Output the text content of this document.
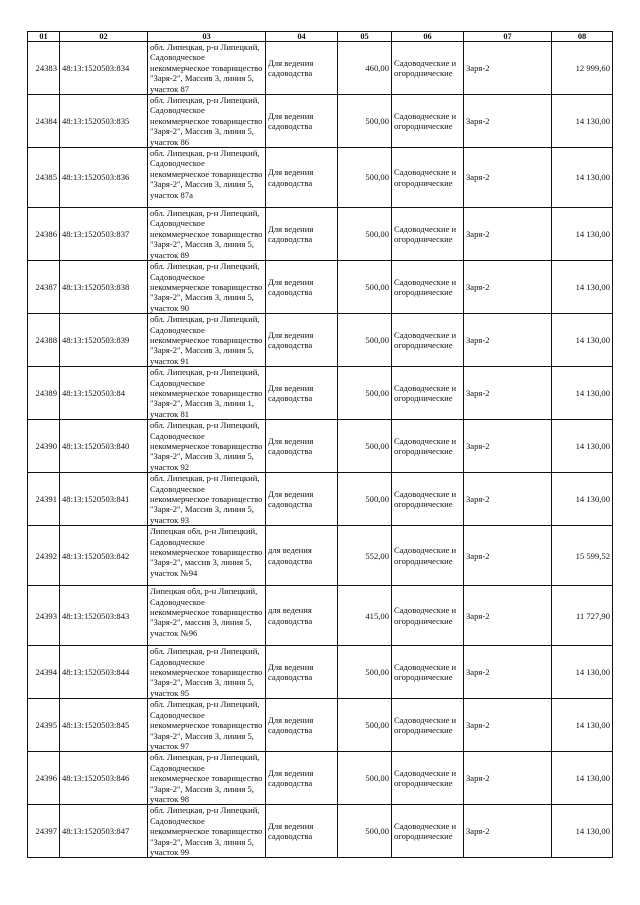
01	02	03	04	05	06	07	08
24383	48:13:1520503:834	обл. Липецкая, р-н Липецкий, Садоводческое некоммерческое товарищество "Заря-2", Массив 3, линия 5, участок 87	Для ведения садоводства	460,00	Садоводческие и огороднические	Заря-2	12 999,60
24384	48:13:1520503:835	обл. Липецкая, р-н Липецкий, Садоводческое некоммерческое товарищество "Заря-2", Массив 3, линия 5, участок 86	Для ведения садоводства	500,00	Садоводческие и огороднические	Заря-2	14 130,00
24385	48:13:1520503:836	обл. Липецкая, р-н Липецкий, Садоводческое некоммерческое товарищество "Заря-2", Массив 3, линия 5, участок 87а	Для ведения садоводства	500,00	Садоводческие и огороднические	Заря-2	14 130,00
24386	48:13:1520503:837	обл. Липецкая, р-н Липецкий, Садоводческое некоммерческое товарищество "Заря-2", Массив 3, линия 5, участок 89	Для ведения садоводства	500,00	Садоводческие и огороднические	Заря-2	14 130,00
24387	48:13:1520503:838	обл. Липецкая, р-н Липецкий, Садоводческое некоммерческое товарищество "Заря-2", Массив 3, линия 5, участок 90	Для ведения садоводства	500,00	Садоводческие и огороднические	Заря-2	14 130,00
24388	48:13:1520503:839	обл. Липецкая, р-н Липецкий, Садоводческое некоммерческое товарищество "Заря-2", Массив 3, линия 5, участок 91	Для ведения садоводства	500,00	Садоводческие и огороднические	Заря-2	14 130,00
24389	48:13:1520503:84	обл. Липецкая, р-н Липецкий, Садоводческое некоммерческое товарищество "Заря-2", Массив 3, линия 1, участок 81	Для ведения садоводства	500,00	Садоводческие и огороднические	Заря-2	14 130,00
24390	48:13:1520503:840	обл. Липецкая, р-н Липецкий, Садоводческое некоммерческое товарищество "Заря-2", Массив 3, линия 5, участок 92	Для ведения садоводства	500,00	Садоводческие и огороднические	Заря-2	14 130,00
24391	48:13:1520503:841	обл. Липецкая, р-н Липецкий, Садоводческое некоммерческое товарищество "Заря-2", Массив 3, линия 5, участок 93	Для ведения садоводства	500,00	Садоводческие и огороднические	Заря-2	14 130,00
24392	48:13:1520503:842	Липецкая обл, р-н Липецкий, Садоводческое некоммерческое товарищество "Заря-2", массив 3, линия 5, участок №94	для ведения садоводства	552,00	Садоводческие и огороднические	Заря-2	15 599,52
24393	48:13:1520503:843	Липецкая обл, р-н Липецкий, Садоводческое некоммерческое товарищество "Заря-2", массив 3, линия 5, участок №96	для ведения садоводства	415,00	Садоводческие и огороднические	Заря-2	11 727,90
24394	48:13:1520503:844	обл. Липецкая, р-н Липецкий, Садоводческое некоммерческое товарищество "Заря-2", Массив 3, линия 5, участок 95	Для ведения садоводства	500,00	Садоводческие и огороднические	Заря-2	14 130,00
24395	48:13:1520503:845	обл. Липецкая, р-н Липецкий, Садоводческое некоммерческое товарищество "Заря-2", Массив 3, линия 5, участок 97	Для ведения садоводства	500,00	Садоводческие и огороднические	Заря-2	14 130,00
24396	48:13:1520503:846	обл. Липецкая, р-н Липецкий, Садоводческое некоммерческое товарищество "Заря-2", Массив 3, линия 5, участок 98	Для ведения садоводства	500,00	Садоводческие и огороднические	Заря-2	14 130,00
24397	48:13:1520503:847	обл. Липецкая, р-н Липецкий, Садоводческое некоммерческое товарищество "Заря-2", Массив 3, линия 5, участок 99	Для ведения садоводства	500,00	Садоводческие и огороднические	Заря-2	14 130,00
